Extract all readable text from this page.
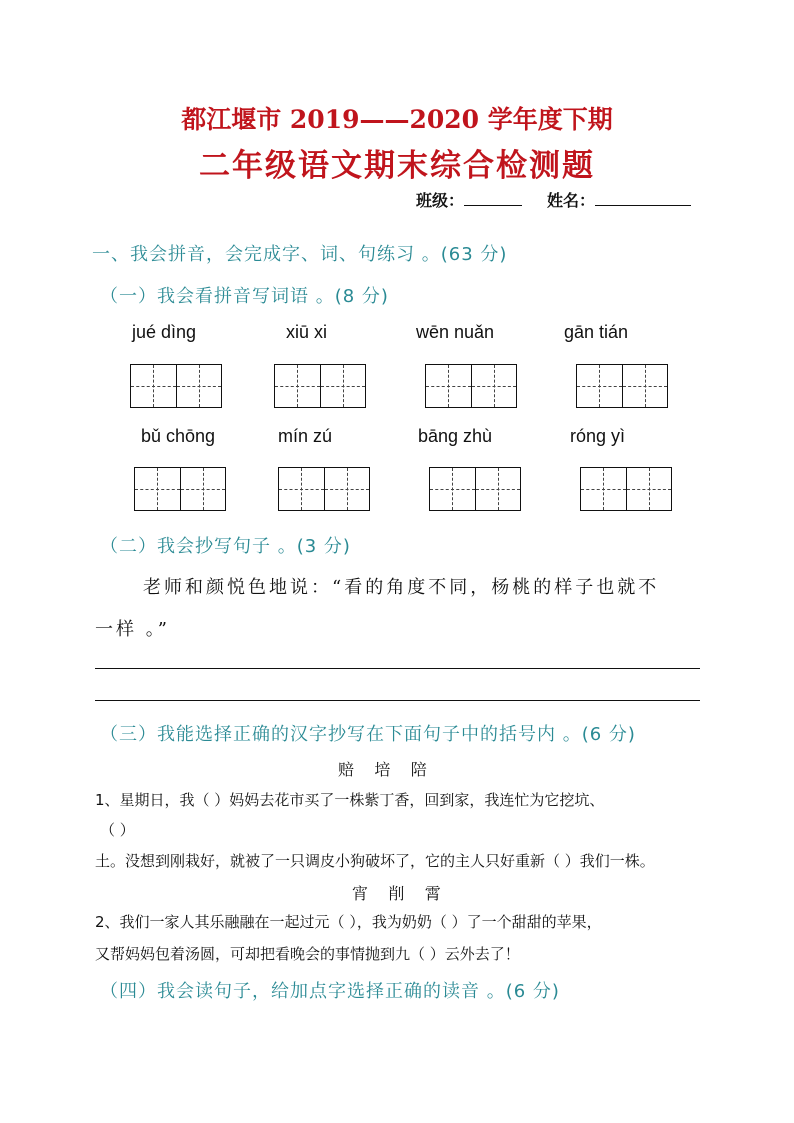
都江堰市 2019——2020 学年度下期
二年级语文期末综合检测题
班级：	姓名：
一、我会拼音，会完成字、词、句练习 。(63 分)
（一）我会看拼音写词语 。(8 分)
jué dìng	xiū xi	wēn nuǎn	gān tián
bǔ chōng	mín zú	bāng zhù	róng yì
（二）我会抄写句子 。(3 分)
老师和颜悦色地说：“看的角度不同，杨桃的样子也就不
一样 。”
（三）我能选择正确的汉字抄写在下面句子中的括号内 。(6 分)
赔    培    陪
1、星期日，我（ ）妈妈去花市买了一株紫丁香，回到家，我连忙为它挖坑、
（ ）
土。没想到刚栽好，就被了一只调皮小狗破坏了，它的主人只好重新（ ）我们一株。
宵    削    霄
2、我们一家人其乐融融在一起过元（ ），我为奶奶（ ）了一个甜甜的苹果，
又帮妈妈包着汤圆，可却把看晚会的事情抛到九（ ）云外去了！
（四）我会读句子，给加点字选择正确的读音 。(6 分)
